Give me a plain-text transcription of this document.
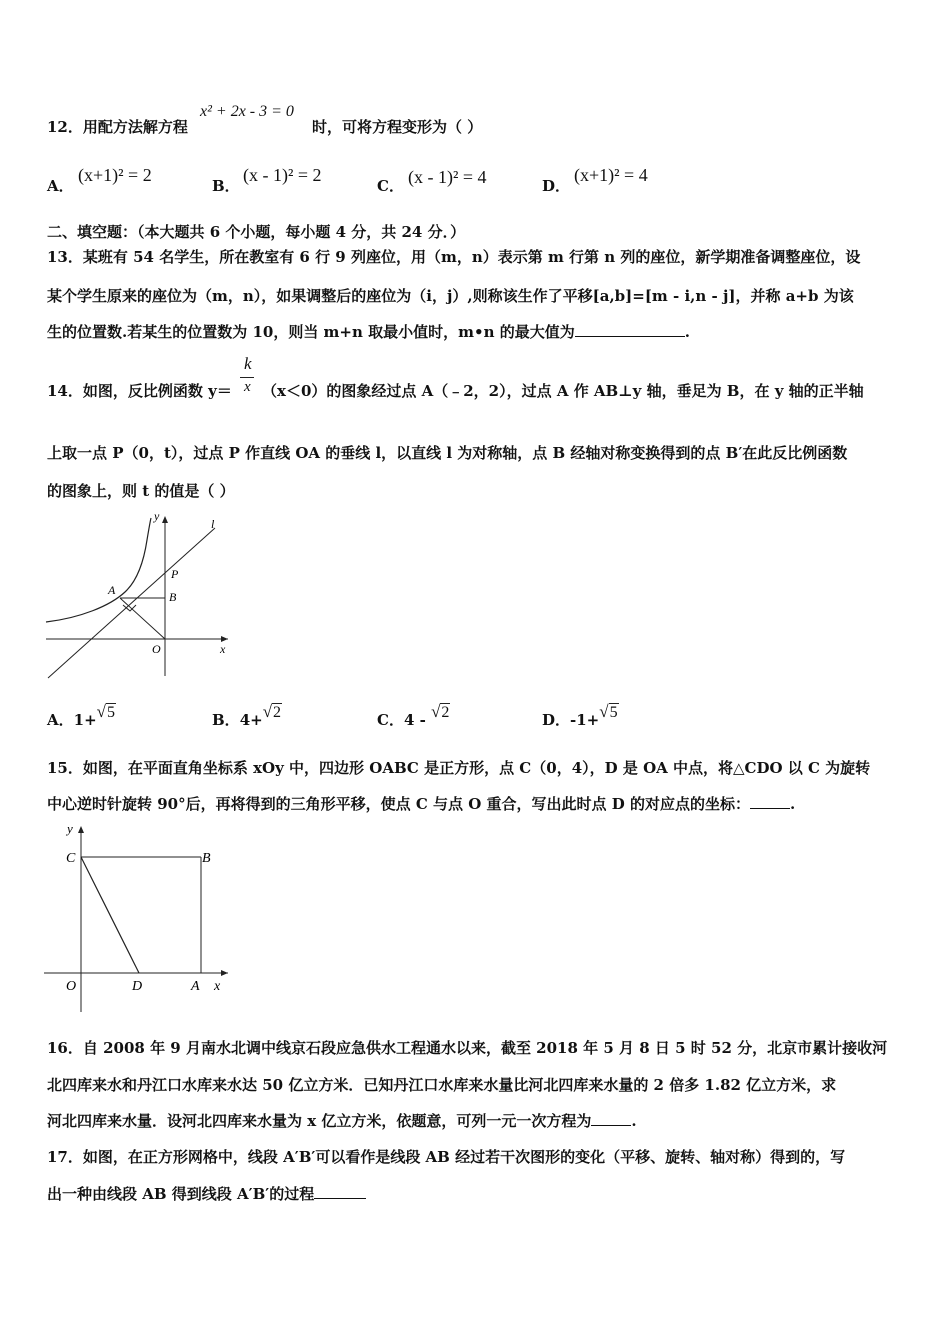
12．用配方法解方程
x² + 2x - 3 = 0
时，可将方程变形为（ ）
A．
(x+1)² = 2
B．
(x - 1)² = 2
C． (x - 1)² = 4	D．
(x+1)² = 4
二、填空题：（本大题共 6 个小题，每小题 4 分，共 24 分．）
13．某班有 54 名学生，所在教室有 6 行 9 列座位，用（m，n）表示第 m 行第 n 列的座位，新学期准备调整座位，设
某个学生原来的座位为（m，n），如果调整后的座位为（i，j）,则称该生作了平移[a,b]=[m - i,n - j]，并称 a+b 为该
生的位置数.若某生的位置数为 10，则当 m+n 取最小值时，m•n 的最大值为	.
14．如图，反比例函数 y＝
k
x （x＜0）的图象经过点 A（﹣2，2），过点 A 作 AB⊥y 轴，垂足为 B，在 y 轴的正半轴
上取一点 P（0，t），过点 P 作直线 OA 的垂线 l，以直线 l 为对称轴，点 B 经轴对称变换得到的点 B′在此反比例函数
的图象上，则 t 的值是（ ）
y
l
P
A	B
O	x
A．1+√5	B．4+√2	C．4 - √2	D．-1+√5
15．如图，在平面直角坐标系 xOy 中，四边形 OABC 是正方形，点 C（0，4），D 是 OA 中点，将△CDO 以 C 为旋转
中心逆时针旋转 90°后，再将得到的三角形平移，使点 C 与点 O 重合，写出此时点 D 的对应点的坐标：	.
y
C	B
O	D	A x
16．自 2008 年 9 月南水北调中线京石段应急供水工程通水以来，截至 2018 年 5 月 8 日 5 时 52 分，北京市累计接收河
北四库来水和丹江口水库来水达 50 亿立方米．已知丹江口水库来水量比河北四库来水量的 2 倍多 1.82 亿立方米，求
河北四库来水量．设河北四库来水量为 x 亿立方米，依题意，可列一元一次方程为	.
17．如图，在正方形网格中，线段 A′B′可以看作是线段 AB 经过若干次图形的变化（平移、旋转、轴对称）得到的，写
出一种由线段 AB 得到线段 A′B′的过程
